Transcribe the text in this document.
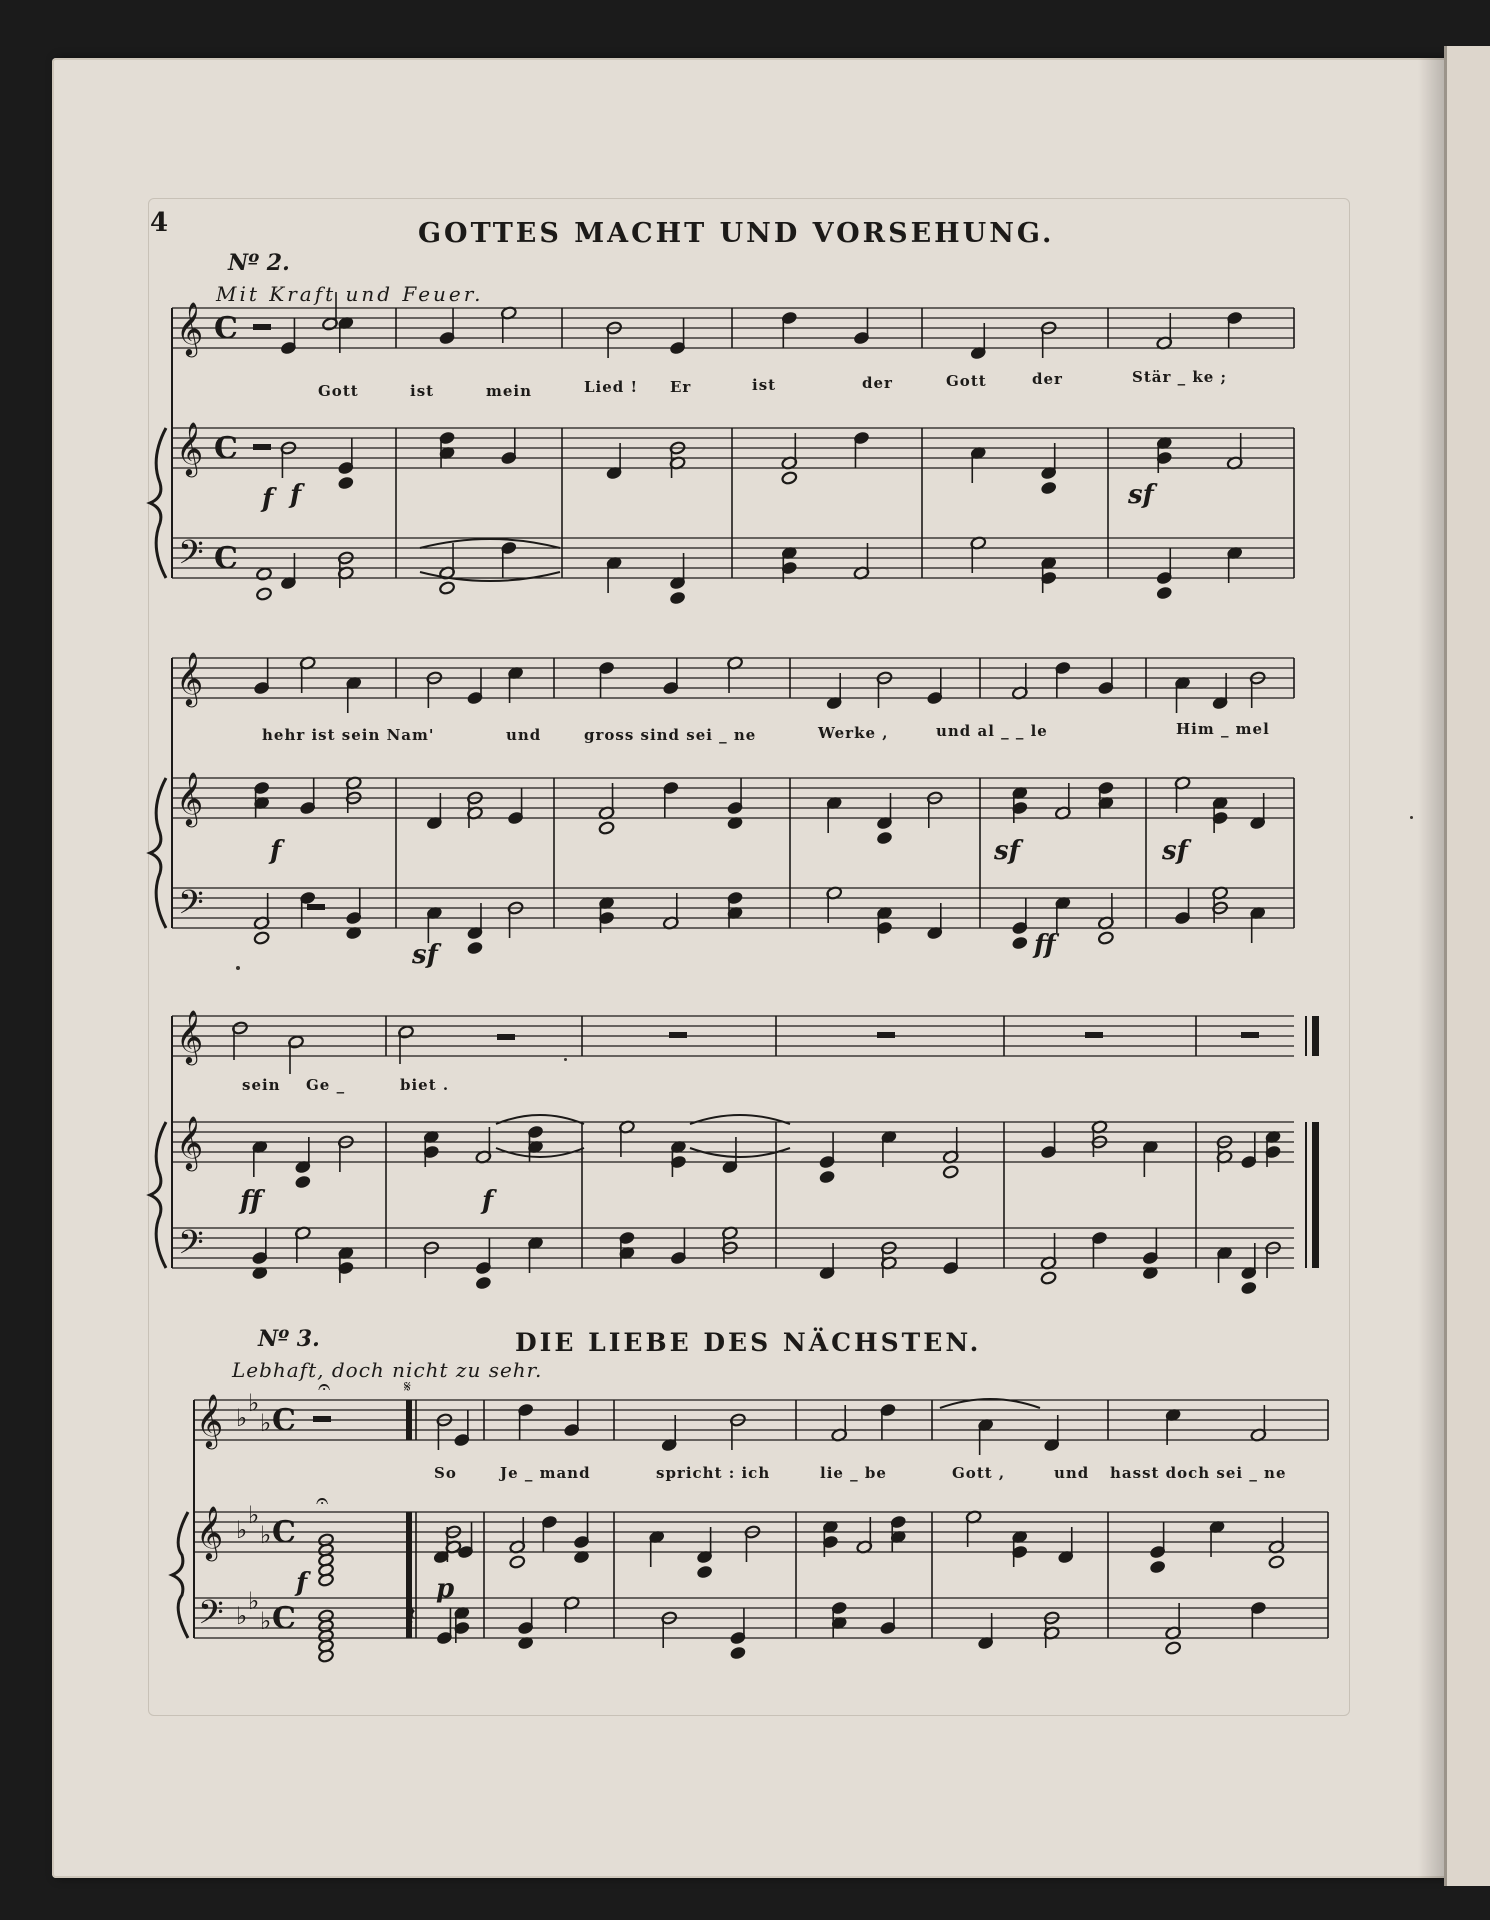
𝄞 C
𝄞 C
𝄢 C
𝄞
𝄞
𝄢
𝄞
𝄞
𝄢
𝄞 ♭
♭
♭ C
𝄞 ♭
♭
♭ C
𝄢 ♭
♭
♭ C
𝄋
𝄐
𝄐
𝄽
4	GOTTES MACHT UND VORSEHUNG.
Nº 2.
Mit Kraft und Feuer.
DIE LIEBE DES NÄCHSTEN.
Nº 3.
Lebhaft, doch nicht zu sehr.
Gott	ist	mein	Lied ! Er	ist	der	Gott	der	Stär _ ke ;
hehr ist sein Nam'	und	gross sind sei _ ne	Werke ,	und al _ _ le	Him _ mel
sein Ge _	biet .
So	Je _ mand	spricht : ich	lie _ be	Gott ,	und hasst doch sei _ ne
f
f	sf
f
sf
sf	sf
ff
ff	f
f	p
